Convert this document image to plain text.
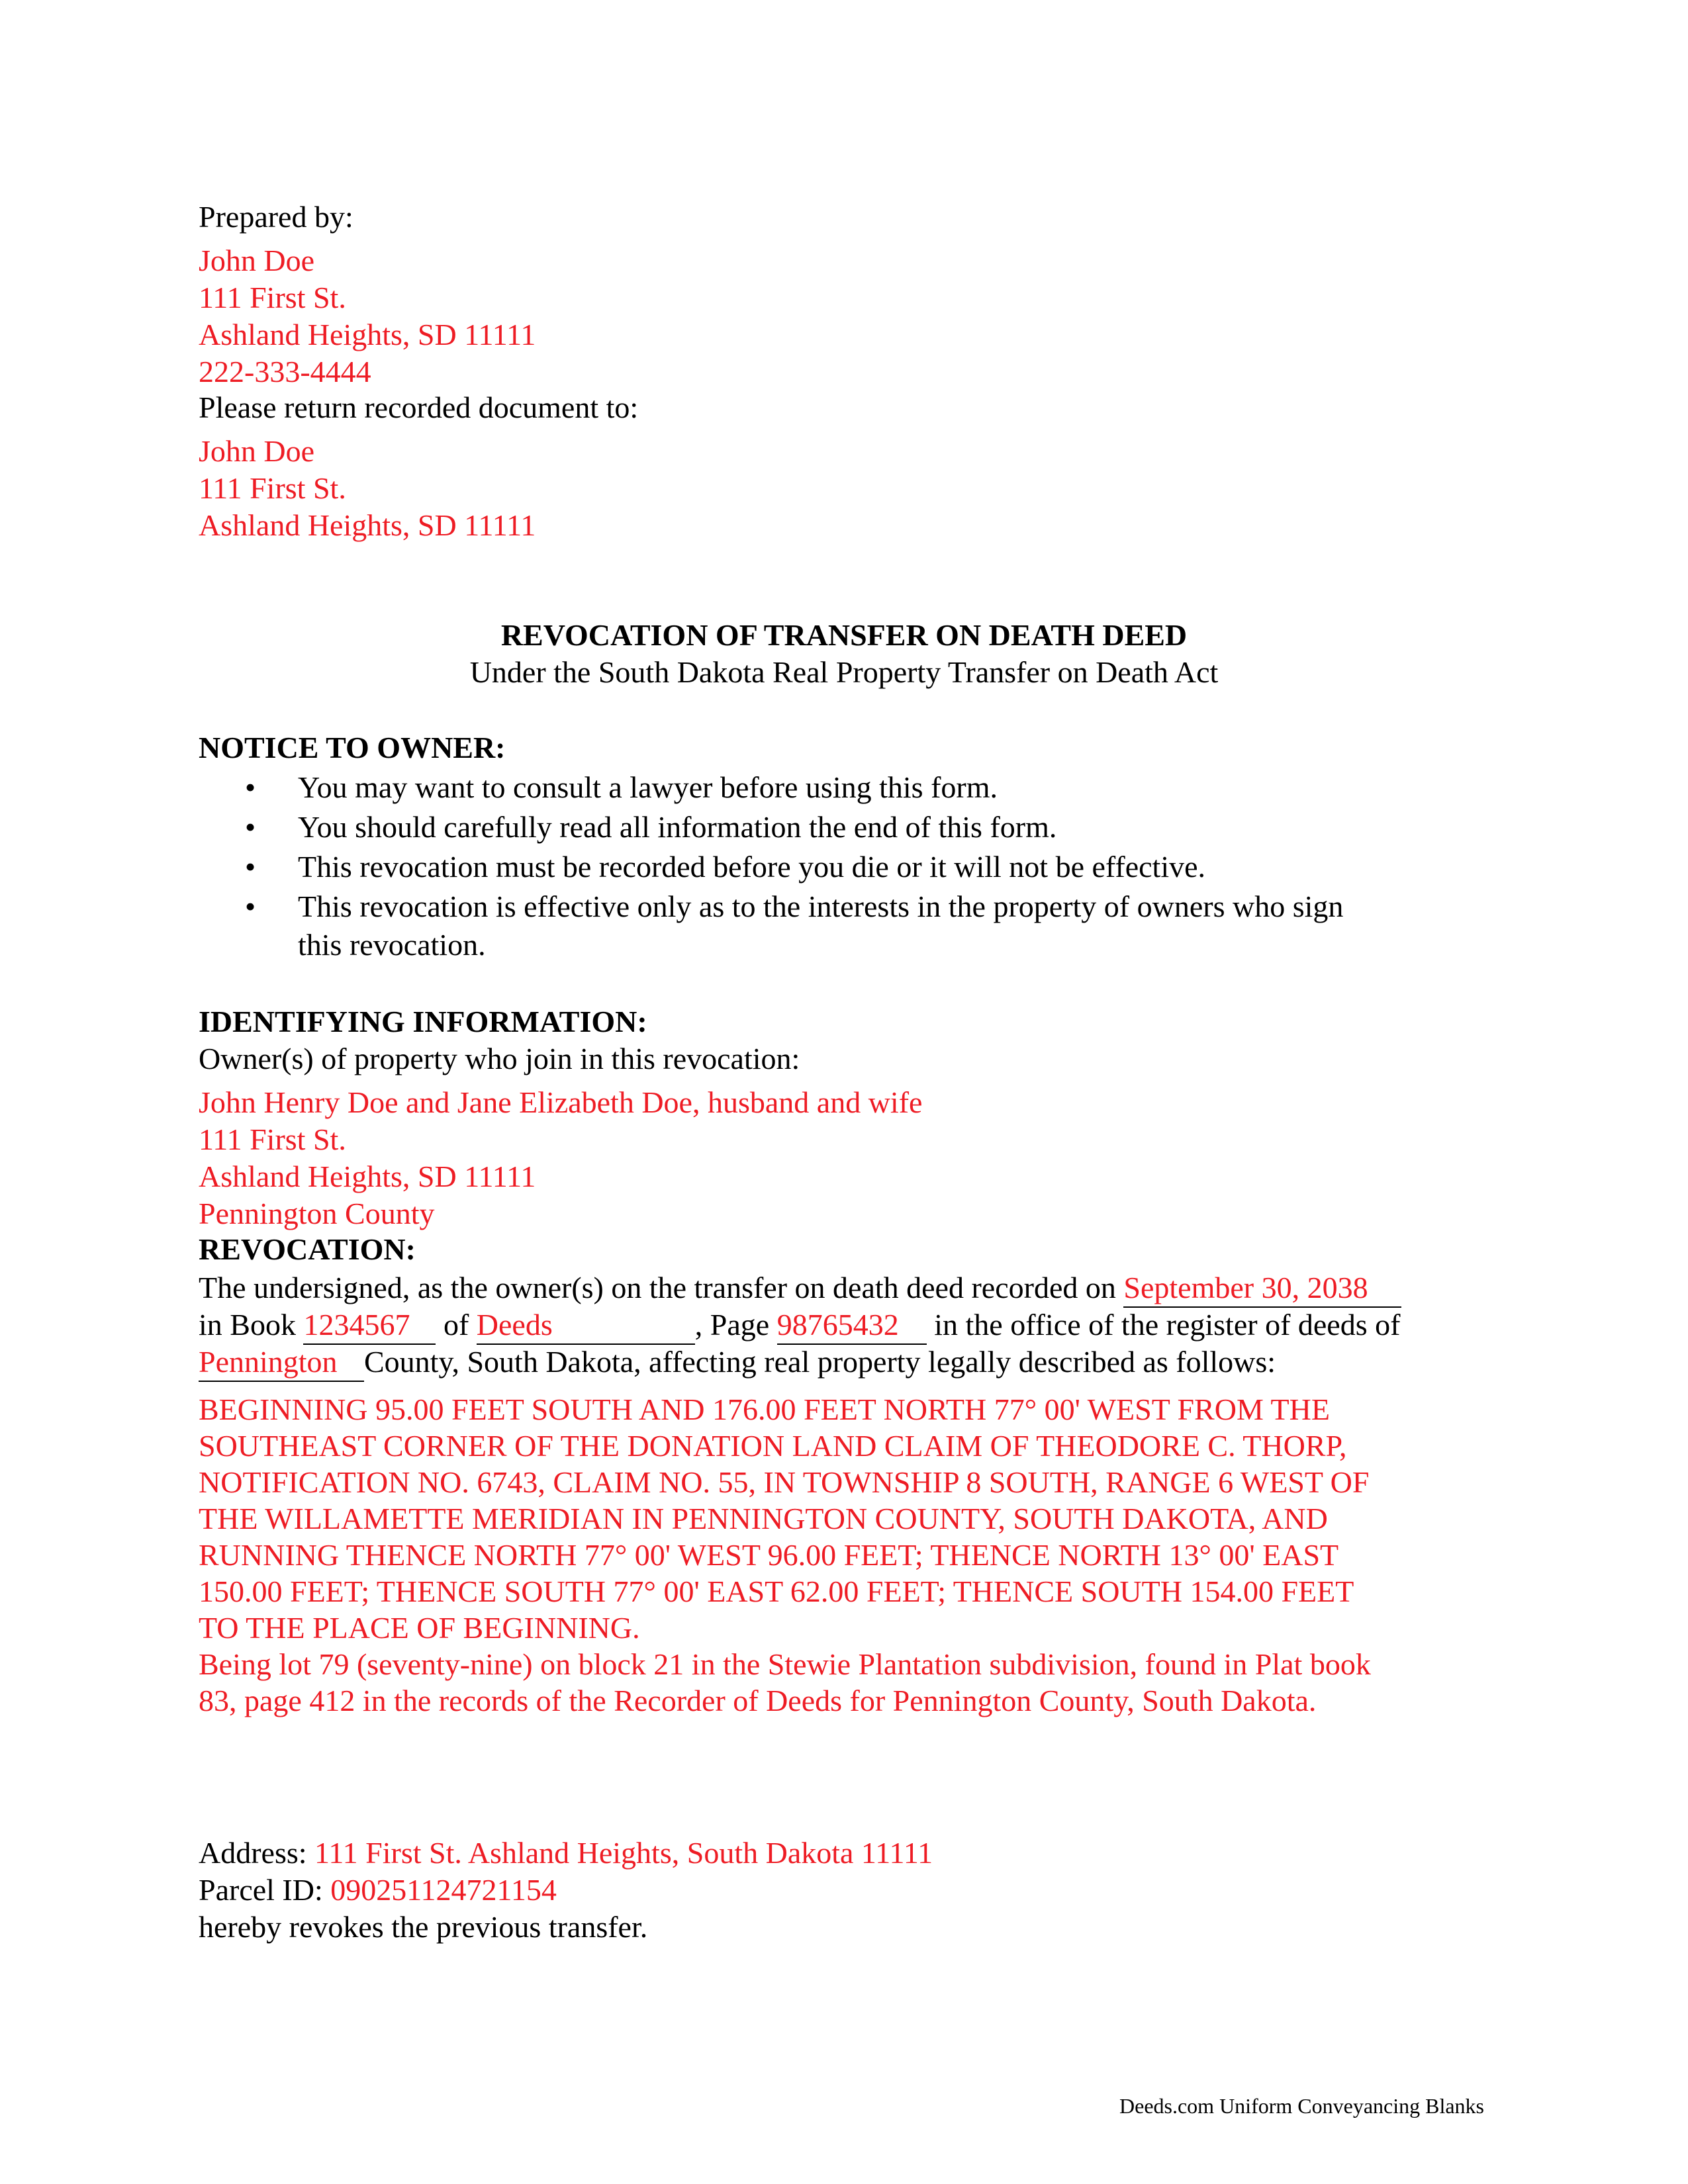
Prepared by:
John Doe
111 First St.
Ashland Heights, SD 11111
222-333-4444
Please return recorded document to:
John Doe
111 First St.
Ashland Heights, SD 11111
REVOCATION OF TRANSFER ON DEATH DEED
Under the South Dakota Real Property Transfer on Death Act
NOTICE TO OWNER:
• You may want to consult a lawyer before using this form.
• You should carefully read all information the end of this form.
• This revocation must be recorded before you die or it will not be effective.
• This revocation is effective only as to the interests in the property of owners who sign
this revocation.
IDENTIFYING INFORMATION:
Owner(s) of property who join in this revocation:
John Henry Doe and Jane Elizabeth Doe, husband and wife
111 First St.
Ashland Heights, SD 11111
Pennington County
REVOCATION:
The undersigned, as the owner(s) on the transfer on death deed recorded on September 30, 2038
in Book 1234567 of Deeds	, Page 98765432 in the office of the register of deeds of
Pennington County, South Dakota, affecting real property legally described as follows:
BEGINNING 95.00 FEET SOUTH AND 176.00 FEET NORTH 77° 00' WEST FROM THE
SOUTHEAST CORNER OF THE DONATION LAND CLAIM OF THEODORE C. THORP,
NOTIFICATION NO. 6743, CLAIM NO. 55, IN TOWNSHIP 8 SOUTH, RANGE 6 WEST OF
THE WILLAMETTE MERIDIAN IN PENNINGTON COUNTY, SOUTH DAKOTA, AND
RUNNING THENCE NORTH 77° 00' WEST 96.00 FEET; THENCE NORTH 13° 00' EAST
150.00 FEET; THENCE SOUTH 77° 00' EAST 62.00 FEET; THENCE SOUTH 154.00 FEET
TO THE PLACE OF BEGINNING.
Being lot 79 (seventy-nine) on block 21 in the Stewie Plantation subdivision, found in Plat book
83, page 412 in the records of the Recorder of Deeds for Pennington County, South Dakota.
Address: 111 First St. Ashland Heights, South Dakota 11111
Parcel ID: 090251124721154
hereby revokes the previous transfer.
Deeds.com Uniform Conveyancing Blanks
